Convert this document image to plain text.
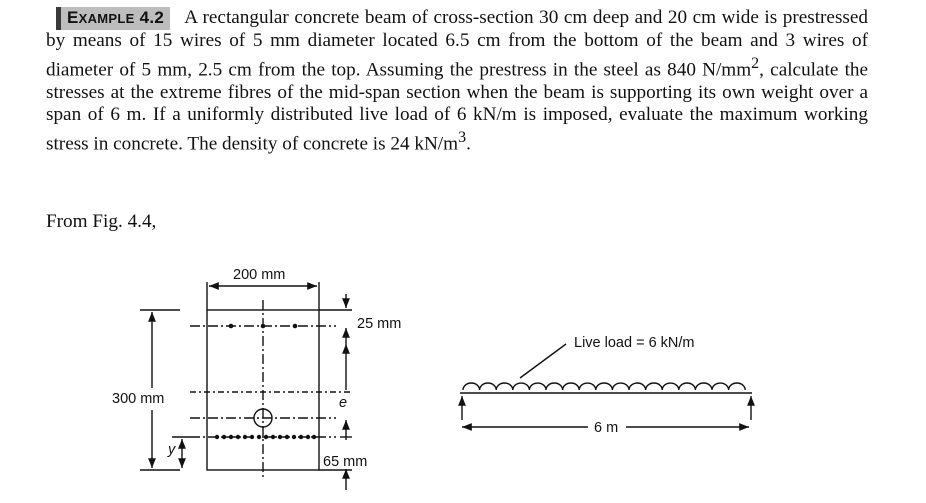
EXAMPLE 4.2 A rectangular concrete beam of cross-section 30 cm deep and 20 cm wide is prestressed by means of 15 wires of 5 mm diameter located 6.5 cm from the bottom of the beam and 3 wires of diameter of 5 mm, 2.5 cm from the top. Assuming the prestress in the steel as 840 $N/mm^2$, calculate the stresses at the extreme fibres of the mid-span section when the beam is supporting its own weight over a span of 6 m. If a uniformly distributed live load of 6 kN/m is imposed, evaluate the maximum working stress in concrete. The density of concrete is 24 $kN/m^3$.
From Fig. 4.4,
200 mm
300 mm
25 mm
65 mm
e
y
Live load = 6 kN/m
6 m
